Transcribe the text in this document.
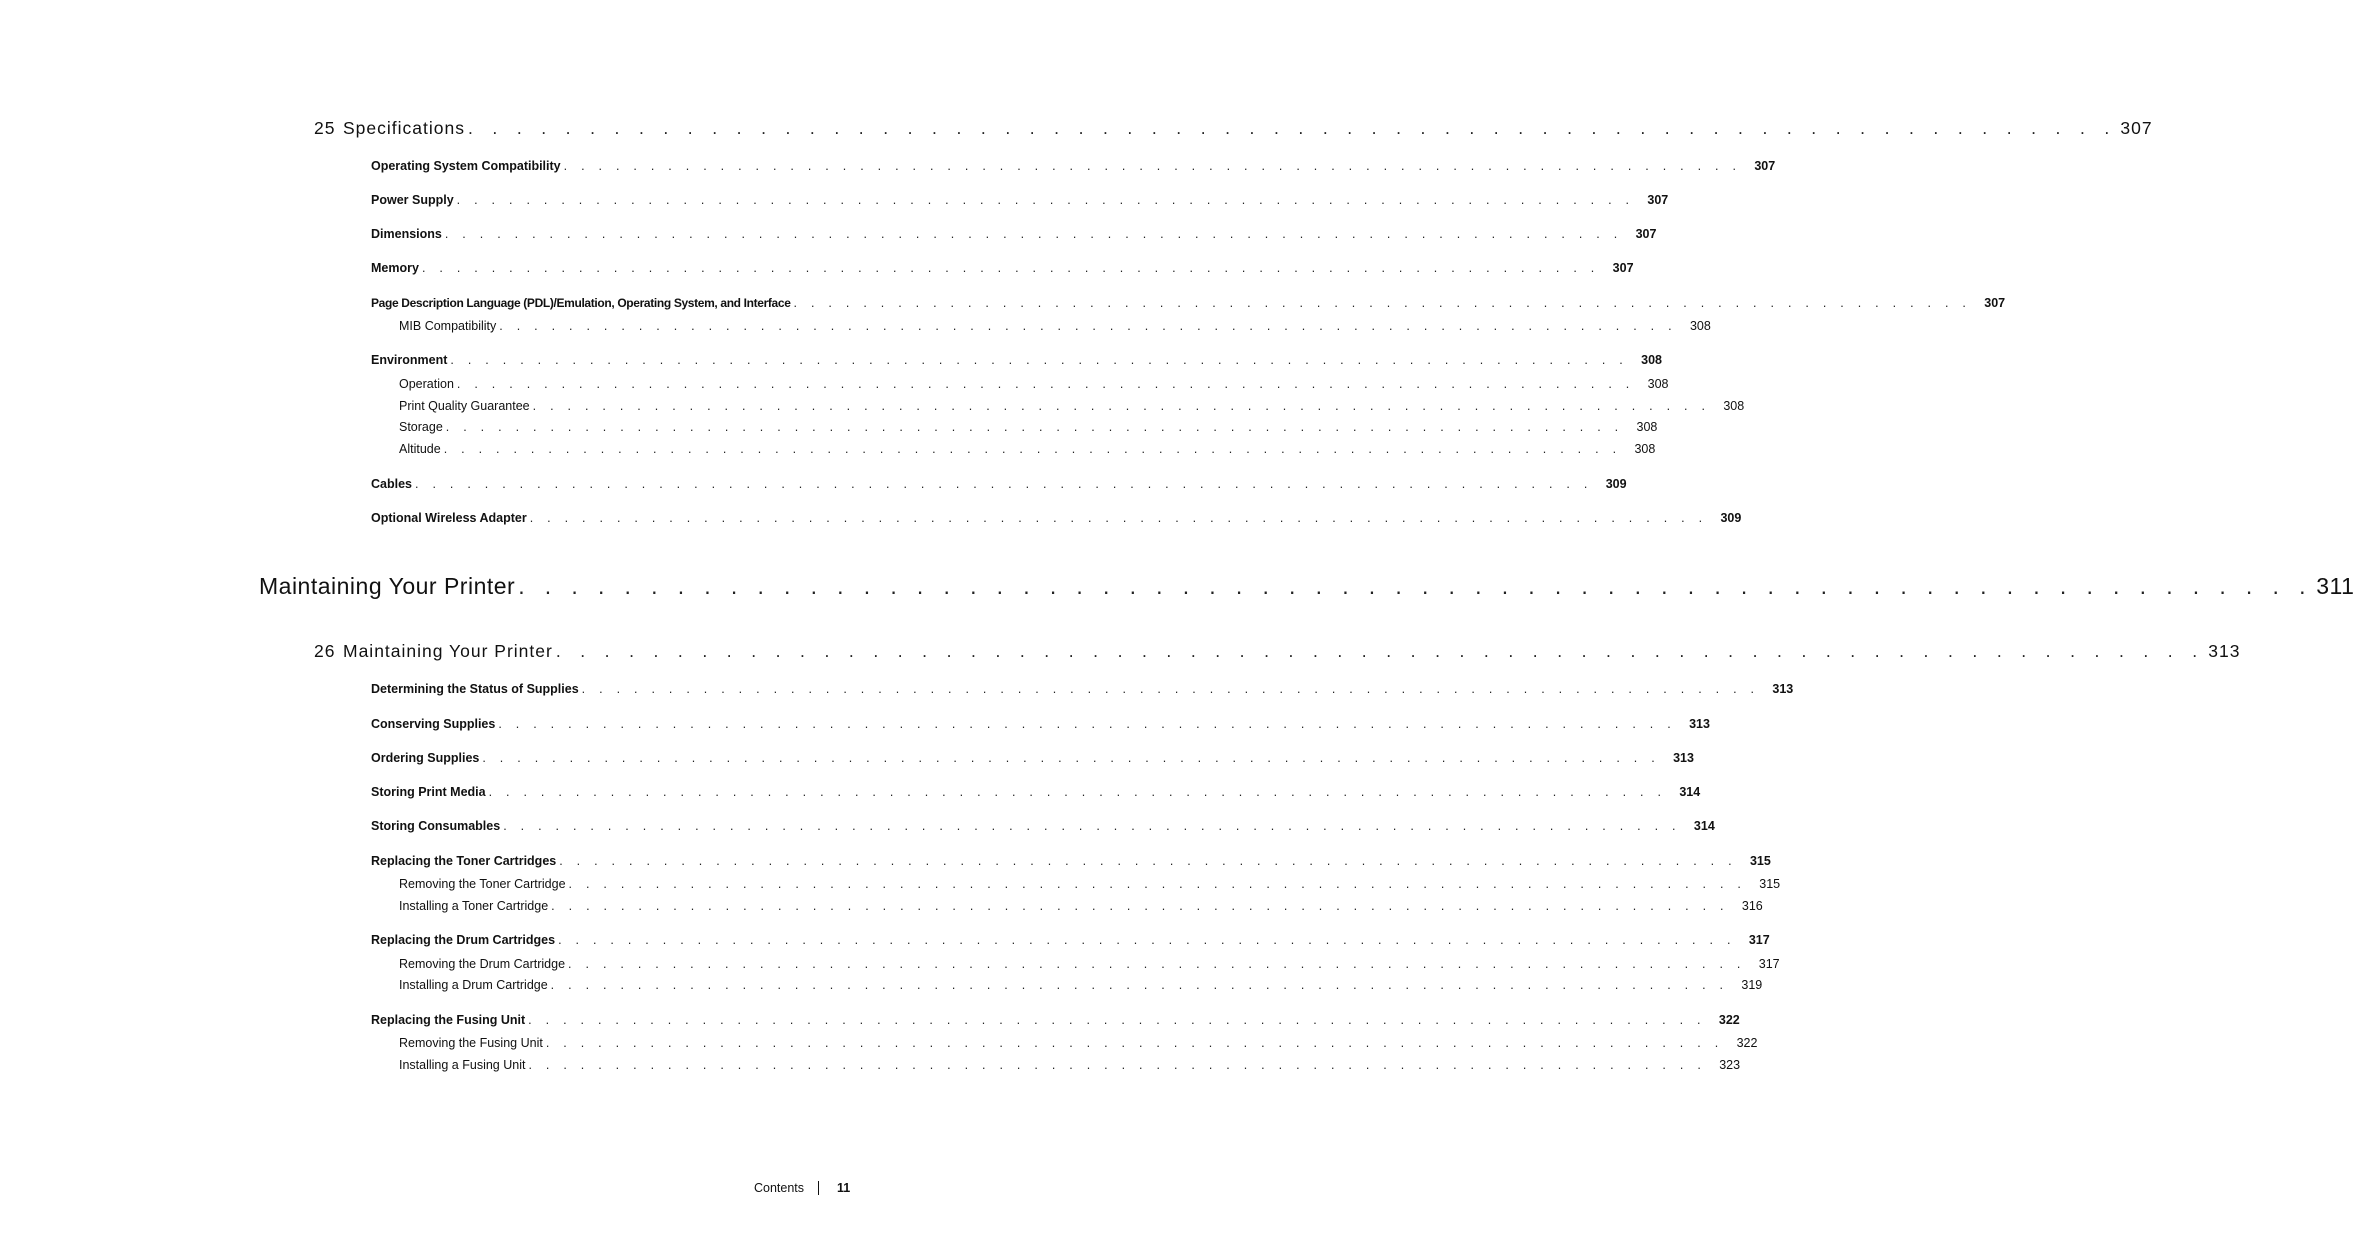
25 Specifications . . . . . . . . . . . . . . . . . . . . . . . . . . . . . . . . . . . . . . . . . . . . . . . . . . . . . . . . . . . . . . . . . . . . 307
Operating System Compatibility . . . . . . . . . . . . . . . . . . . . . . . . . . . . . . . . . . . . . . . . . . . . . . . . . . . . . . . . . . . . . . . . . . . .	307
Power Supply . . . . . . . . . . . . . . . . . . . . . . . . . . . . . . . . . . . . . . . . . . . . . . . . . . . . . . . . . . . . . . . . . . . .	307
Dimensions . . . . . . . . . . . . . . . . . . . . . . . . . . . . . . . . . . . . . . . . . . . . . . . . . . . . . . . . . . . . . . . . . . . .	307
Memory . . . . . . . . . . . . . . . . . . . . . . . . . . . . . . . . . . . . . . . . . . . . . . . . . . . . . . . . . . . . . . . . . . . .	307
Page Description Language (PDL)/Emulation, Operating System, and Interface . . . . . . . . . . . . . . . . . . . . . . . . . . . . . . . . . . . . . . . . . . . . . . . . . . . . . . . . . . . . . . . . . . . .	307
MIB Compatibility . . . . . . . . . . . . . . . . . . . . . . . . . . . . . . . . . . . . . . . . . . . . . . . . . . . . . . . . . . . . . . . . . . . .	308
Environment . . . . . . . . . . . . . . . . . . . . . . . . . . . . . . . . . . . . . . . . . . . . . . . . . . . . . . . . . . . . . . . . . . . .	308
Operation . . . . . . . . . . . . . . . . . . . . . . . . . . . . . . . . . . . . . . . . . . . . . . . . . . . . . . . . . . . . . . . . . . . .	308
Print Quality Guarantee . . . . . . . . . . . . . . . . . . . . . . . . . . . . . . . . . . . . . . . . . . . . . . . . . . . . . . . . . . . . . . . . . . . .	308
Storage . . . . . . . . . . . . . . . . . . . . . . . . . . . . . . . . . . . . . . . . . . . . . . . . . . . . . . . . . . . . . . . . . . . .	308
Altitude . . . . . . . . . . . . . . . . . . . . . . . . . . . . . . . . . . . . . . . . . . . . . . . . . . . . . . . . . . . . . . . . . . . .	308
Cables . . . . . . . . . . . . . . . . . . . . . . . . . . . . . . . . . . . . . . . . . . . . . . . . . . . . . . . . . . . . . . . . . . . .	309
Optional Wireless Adapter . . . . . . . . . . . . . . . . . . . . . . . . . . . . . . . . . . . . . . . . . . . . . . . . . . . . . . . . . . . . . . . . . . . .	309
Maintaining Your Printer . . . . . . . . . . . . . . . . . . . . . . . . . . . . . . . . . . . . . . . . . . . . . . . . . . . . . . . . . . . . . . . . . . . . 311
26 Maintaining Your Printer . . . . . . . . . . . . . . . . . . . . . . . . . . . . . . . . . . . . . . . . . . . . . . . . . . . . . . . . . . . . . . . . . . . . 313
Determining the Status of Supplies . . . . . . . . . . . . . . . . . . . . . . . . . . . . . . . . . . . . . . . . . . . . . . . . . . . . . . . . . . . . . . . . . . . .	313
Conserving Supplies . . . . . . . . . . . . . . . . . . . . . . . . . . . . . . . . . . . . . . . . . . . . . . . . . . . . . . . . . . . . . . . . . . . .	313
Ordering Supplies . . . . . . . . . . . . . . . . . . . . . . . . . . . . . . . . . . . . . . . . . . . . . . . . . . . . . . . . . . . . . . . . . . . .	313
Storing Print Media . . . . . . . . . . . . . . . . . . . . . . . . . . . . . . . . . . . . . . . . . . . . . . . . . . . . . . . . . . . . . . . . . . . .	314
Storing Consumables . . . . . . . . . . . . . . . . . . . . . . . . . . . . . . . . . . . . . . . . . . . . . . . . . . . . . . . . . . . . . . . . . . . .	314
Replacing the Toner Cartridges . . . . . . . . . . . . . . . . . . . . . . . . . . . . . . . . . . . . . . . . . . . . . . . . . . . . . . . . . . . . . . . . . . . .	315
Removing the Toner Cartridge . . . . . . . . . . . . . . . . . . . . . . . . . . . . . . . . . . . . . . . . . . . . . . . . . . . . . . . . . . . . . . . . . . . .	315
Installing a Toner Cartridge . . . . . . . . . . . . . . . . . . . . . . . . . . . . . . . . . . . . . . . . . . . . . . . . . . . . . . . . . . . . . . . . . . . .	316
Replacing the Drum Cartridges . . . . . . . . . . . . . . . . . . . . . . . . . . . . . . . . . . . . . . . . . . . . . . . . . . . . . . . . . . . . . . . . . . . .	317
Removing the Drum Cartridge . . . . . . . . . . . . . . . . . . . . . . . . . . . . . . . . . . . . . . . . . . . . . . . . . . . . . . . . . . . . . . . . . . . .	317
Installing a Drum Cartridge . . . . . . . . . . . . . . . . . . . . . . . . . . . . . . . . . . . . . . . . . . . . . . . . . . . . . . . . . . . . . . . . . . . .	319
Replacing the Fusing Unit . . . . . . . . . . . . . . . . . . . . . . . . . . . . . . . . . . . . . . . . . . . . . . . . . . . . . . . . . . . . . . . . . . . .	322
Removing the Fusing Unit . . . . . . . . . . . . . . . . . . . . . . . . . . . . . . . . . . . . . . . . . . . . . . . . . . . . . . . . . . . . . . . . . . . .	322
Installing a Fusing Unit . . . . . . . . . . . . . . . . . . . . . . . . . . . . . . . . . . . . . . . . . . . . . . . . . . . . . . . . . . . . . . . . . . . .	323
Contents	11
